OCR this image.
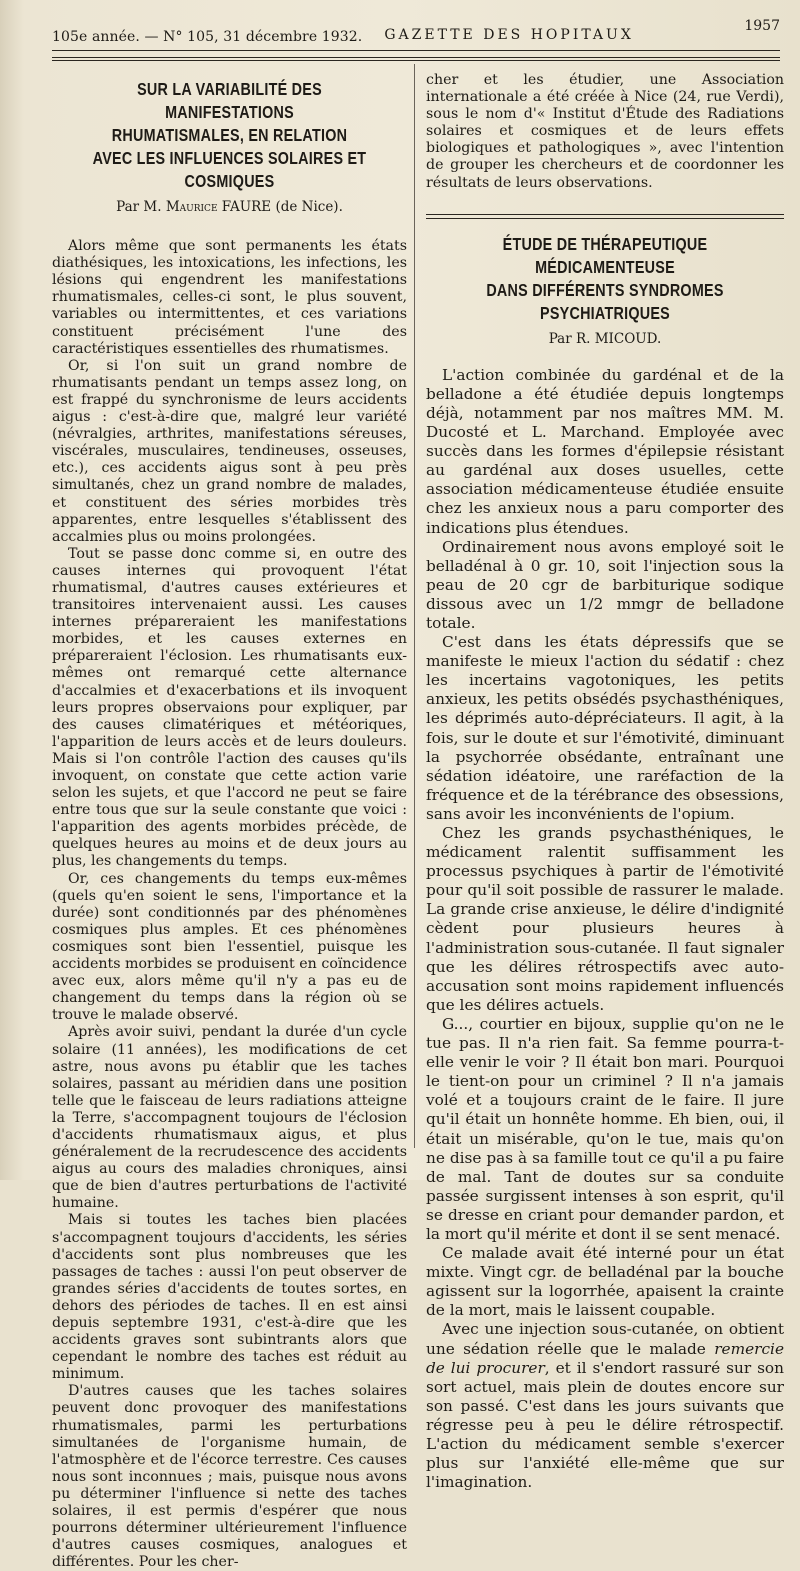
105e année. — N° 105, 31 décembre 1932. GAZETTE DES HOPITAUX
1957
SUR LA VARIABILITÉ DES MANIFESTATIONS
RHUMATISMALES, EN RELATION
AVEC LES INFLUENCES SOLAIRES ET COSMIQUES

Par M. Maurice FAURE (de Nice).

Alors même que sont permanents les états diathésiques, les intoxications, les infections, les lésions qui engendrent les manifestations rhumatismales, celles-ci sont, le plus souvent, variables ou intermittentes, et ces variations constituent précisément l'une des caractéristiques essentielles des rhumatismes.

Or, si l'on suit un grand nombre de rhumatisants pendant un temps assez long, on est frappé du synchronisme de leurs accidents aigus : c'est-à-dire que, malgré leur variété (névralgies, arthrites, manifestations séreuses, viscérales, musculaires, tendineuses, osseuses, etc.), ces accidents aigus sont à peu près simultanés, chez un grand nombre de malades, et constituent des séries morbides très apparentes, entre lesquelles s'établissent des accalmies plus ou moins prolongées.

Tout se passe donc comme si, en outre des causes internes qui provoquent l'état rhumatismal, d'autres causes extérieures et transitoires intervenaient aussi. Les causes internes prépareraient les manifestations morbides, et les causes externes en prépareraient l'éclosion. Les rhumatisants eux-mêmes ont remarqué cette alternance d'accalmies et d'exacerbations et ils invoquent leurs propres observaions pour expliquer, par des causes climatériques et météoriques, l'apparition de leurs accès et de leurs douleurs. Mais si l'on contrôle l'action des causes qu'ils invoquent, on constate que cette action varie selon les sujets, et que l'accord ne peut se faire entre tous que sur la seule constante que voici : l'apparition des agents morbides précède, de quelques heures au moins et de deux jours au plus, les changements du temps.

Or, ces changements du temps eux-mêmes (quels qu'en soient le sens, l'importance et la durée) sont conditionnés par des phénomènes cosmiques plus amples. Et ces phénomènes cosmiques sont bien l'essentiel, puisque les accidents morbides se produisent en coïncidence avec eux, alors même qu'il n'y a pas eu de changement du temps dans la région où se trouve le malade observé.

Après avoir suivi, pendant la durée d'un cycle solaire (11 années), les modifications de cet astre, nous avons pu établir que les taches solaires, passant au méridien dans une position telle que le faisceau de leurs radiations atteigne la Terre, s'accompagnent toujours de l'éclosion d'accidents rhumatismaux aigus, et plus généralement de la recrudescence des accidents aigus au cours des maladies chroniques, ainsi que de bien d'autres perturbations de l'activité humaine.

Mais si toutes les taches bien placées s'accompagnent toujours d'accidents, les séries d'accidents sont plus nombreuses que les passages de taches : aussi l'on peut observer de grandes séries d'accidents de toutes sortes, en dehors des périodes de taches. Il en est ainsi depuis septembre 1931, c'est-à-dire que les accidents graves sont subintrants alors que cependant le nombre des taches est réduit au minimum.

D'autres causes que les taches solaires peuvent donc provoquer des manifestations rhumatismales, parmi les perturbations simultanées de l'organisme humain, de l'atmosphère et de l'écorce terrestre. Ces causes nous sont inconnues ; mais, puisque nous avons pu déterminer l'influence si nette des taches solaires, il est permis d'espérer que nous pourrons déterminer ultérieurement l'influence d'autres causes cosmiques, analogues et différentes. Pour les cher-

cher et les étudier, une Association internationale a été créée à Nice (24, rue Verdi), sous le nom d'« Institut d'Étude des Radiations solaires et cosmiques et de leurs effets biologiques et pathologiques », avec l'intention de grouper les chercheurs et de coordonner les résultats de leurs observations.

ÉTUDE DE THÉRAPEUTIQUE MÉDICAMENTEUSE
DANS DIFFÉRENTS SYNDROMES PSYCHIATRIQUES

Par R. MICOUD.

L'action combinée du gardénal et de la belladone a été étudiée depuis longtemps déjà, notamment par nos maîtres MM. M. Ducosté et L. Marchand. Employée avec succès dans les formes d'épilepsie résistant au gardénal aux doses usuelles, cette association médicamenteuse étudiée ensuite chez les anxieux nous a paru comporter des indications plus étendues.

Ordinairement nous avons employé soit le belladénal à 0 gr. 10, soit l'injection sous la peau de 20 cgr de barbiturique sodique dissous avec un 1/2 mmgr de belladone totale.

C'est dans les états dépressifs que se manifeste le mieux l'action du sédatif : chez les incertains vagotoniques, les petits anxieux, les petits obsédés psychasthéniques, les déprimés auto-dépréciateurs. Il agit, à la fois, sur le doute et sur l'émotivité, diminuant la psychorrée obsédante, entraînant une sédation idéatoire, une raréfaction de la fréquence et de la térébrance des obsessions, sans avoir les inconvénients de l'opium.

Chez les grands psychasthéniques, le médicament ralentit suffisamment les processus psychiques à partir de l'émotivité pour qu'il soit possible de rassurer le malade. La grande crise anxieuse, le délire d'indignité cèdent pour plusieurs heures à l'administration sous-cutanée. Il faut signaler que les délires rétrospectifs avec auto-accusation sont moins rapidement influencés que les délires actuels.

G..., courtier en bijoux, supplie qu'on ne le tue pas. Il n'a rien fait. Sa femme pourra-t-elle venir le voir ? Il était bon mari. Pourquoi le tient-on pour un criminel ? Il n'a jamais volé et a toujours craint de le faire. Il jure qu'il était un honnête homme. Eh bien, oui, il était un misérable, qu'on le tue, mais qu'on ne dise pas à sa famille tout ce qu'il a pu faire de mal. Tant de doutes sur sa conduite passée surgissent intenses à son esprit, qu'il se dresse en criant pour demander pardon, et la mort qu'il mérite et dont il se sent menacé.

Ce malade avait été interné pour un état mixte. Vingt cgr. de belladénal par la bouche agissent sur la logorrhée, apaisent la crainte de la mort, mais le laissent coupable.

Avec une injection sous-cutanée, on obtient une sédation réelle que le malade remercie de lui procurer, et il s'endort rassuré sur son sort actuel, mais plein de doutes encore sur son passé. C'est dans les jours suivants que régresse peu à peu le délire rétrospectif. L'action du médicament semble s'exercer plus sur l'anxiété elle-même que sur l'imagination.
